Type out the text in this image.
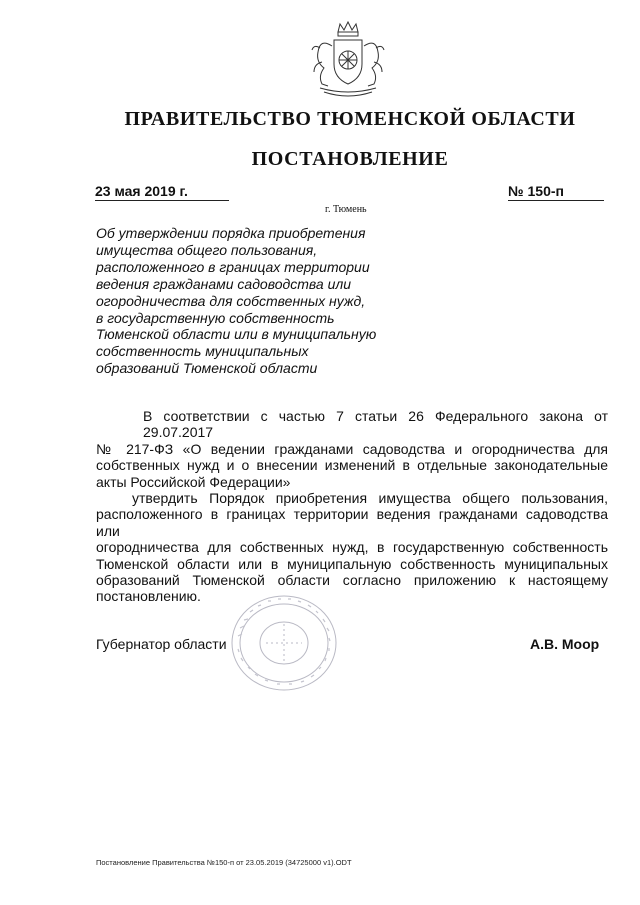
ПРАВИТЕЛЬСТВО ТЮМЕНСКОЙ ОБЛАСТИ
ПОСТАНОВЛЕНИЕ
23 мая 2019 г.
г. Тюмень
№ 150-п
Об утверждении порядка приобретения
имущества общего пользования,
расположенного в границах территории
ведения гражданами садоводства или
огородничества для собственных нужд,
в государственную собственность
Тюменской области или в муниципальную
собственность муниципальных
образований Тюменской области
В соответствии с частью 7 статьи 26 Федерального закона от 29.07.2017
№ 217-ФЗ «О ведении гражданами садоводства и огородничества для
собственных нужд и о внесении изменений в отдельные законодательные
акты Российской Федерации»
утвердить Порядок приобретения имущества общего пользования,
расположенного в границах территории ведения гражданами садоводства или
огородничества для собственных нужд, в государственную собственность
Тюменской области или в муниципальную собственность муниципальных
образований Тюменской области согласно приложению к настоящему
постановлению.
Губернатор области	А.В. Моор
Постановление Правительства №150-п от 23.05.2019 (34725000 v1).ODT
